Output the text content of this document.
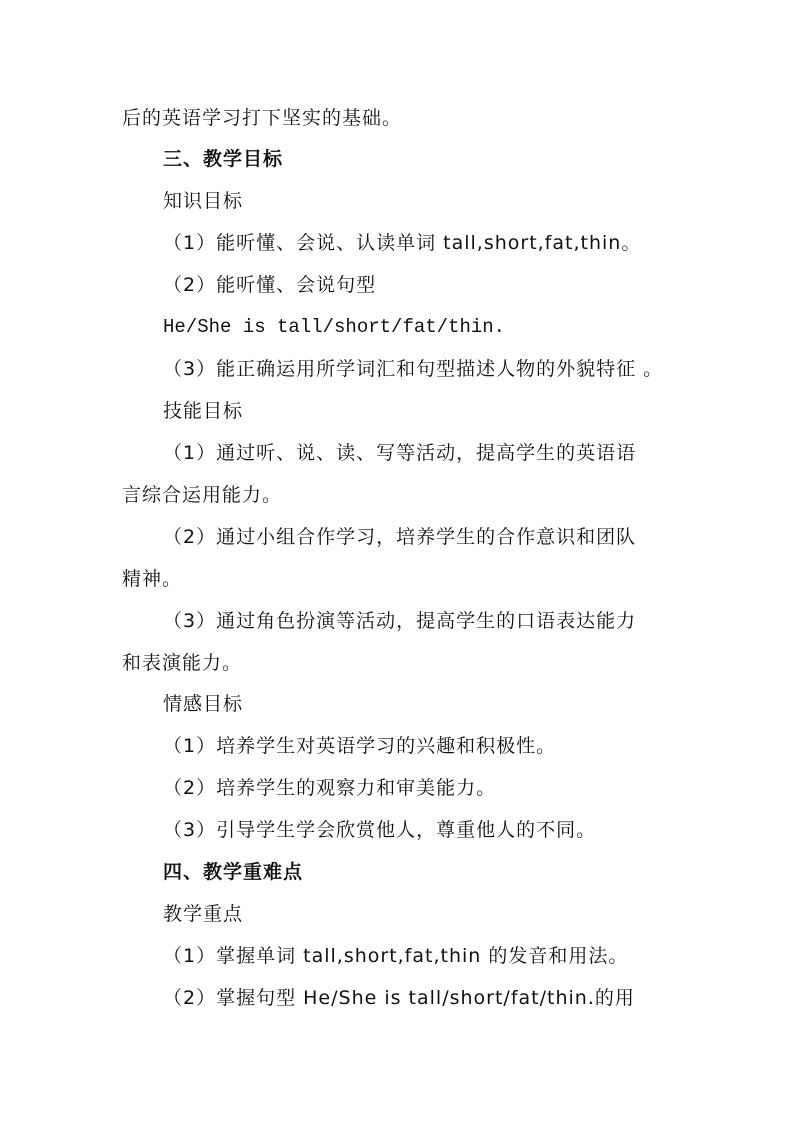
后的英语学习打下坚实的基础。
三、教学目标
知识目标
（1）能听懂、会说、认读单词 tall,short,fat,thin。
（2）能听懂、会说句型
He/She is tall/short/fat/thin.
（3）能正确运用所学词汇和句型描述人物的外貌特征 。
技能目标
（1）通过听、说、读、写等活动，提高学生的英语语
言综合运用能力。
（2）通过小组合作学习，培养学生的合作意识和团队
精神。
（3）通过角色扮演等活动，提高学生的口语表达能力
和表演能力。
情感目标
（1）培养学生对英语学习的兴趣和积极性。
（2）培养学生的观察力和审美能力。
（3）引导学生学会欣赏他人，尊重他人的不同。
四、教学重难点
教学重点
（1）掌握单词 tall,short,fat,thin 的发音和用法。
（2）掌握句型 He/She is tall/short/fat/thin.的用
